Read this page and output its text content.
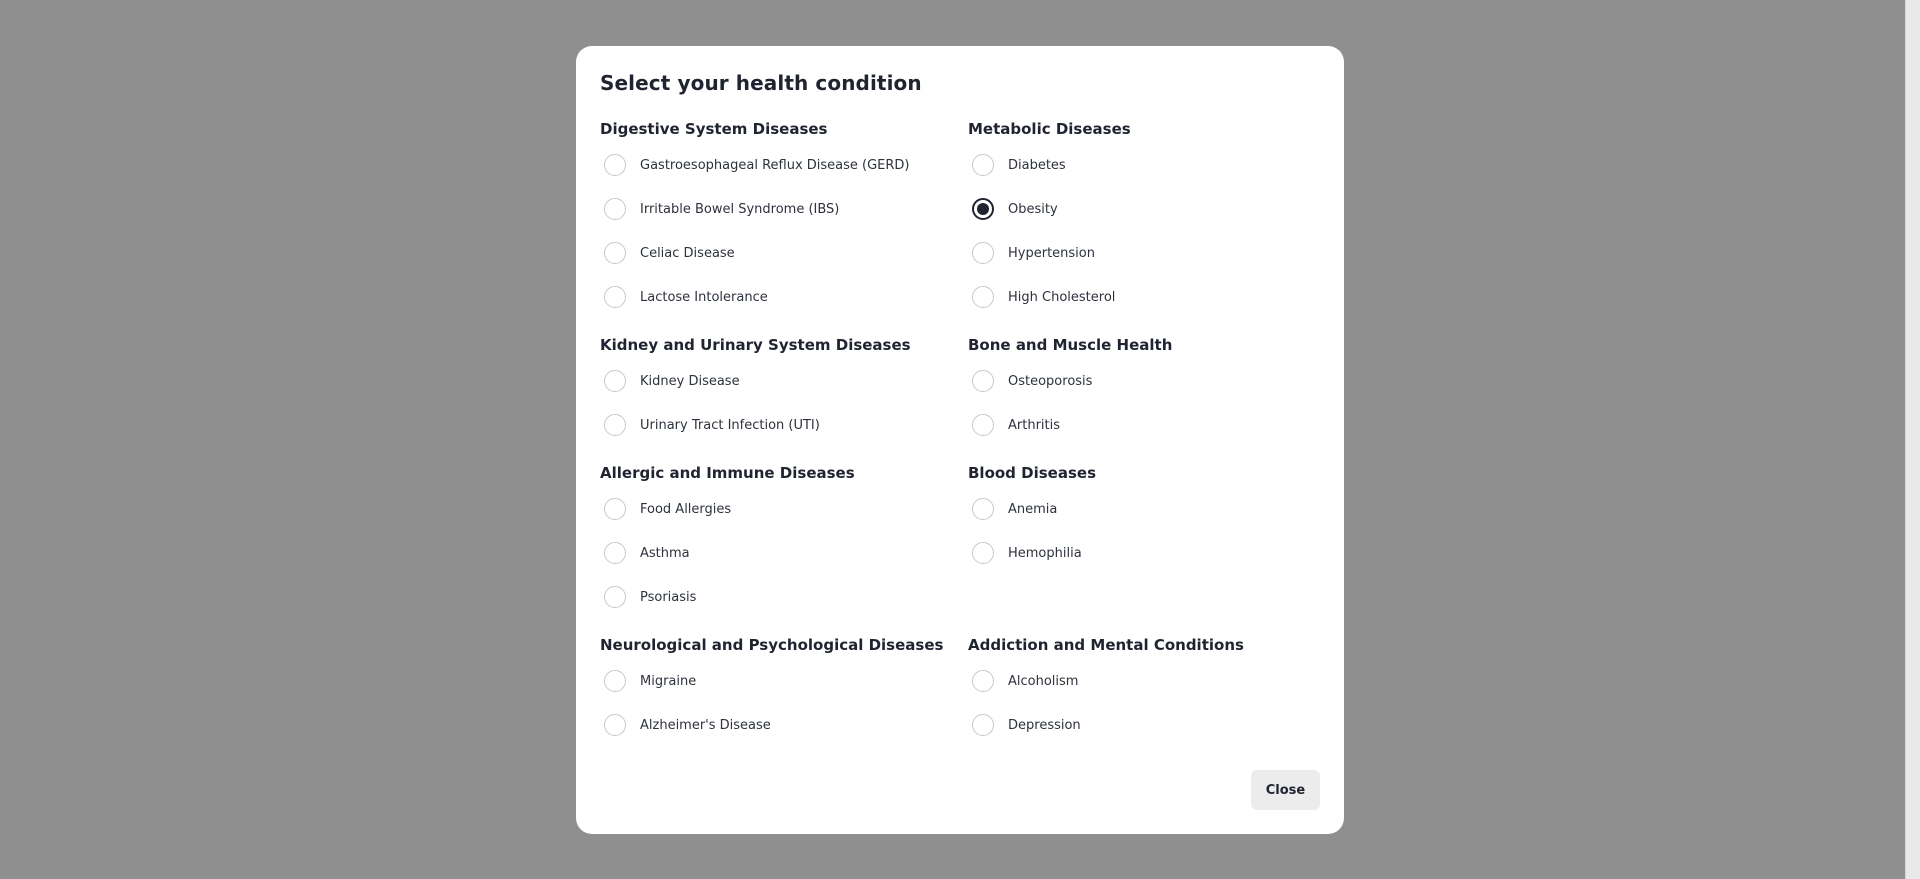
Select your health condition
Digestive System Diseases
Gastroesophageal Reflux Disease (GERD)
Irritable Bowel Syndrome (IBS)
Celiac Disease
Lactose Intolerance
Metabolic Diseases
Diabetes
Obesity
Hypertension
High Cholesterol
Kidney and Urinary System Diseases
Kidney Disease
Urinary Tract Infection (UTI)
Bone and Muscle Health
Osteoporosis
Arthritis
Allergic and Immune Diseases
Food Allergies
Asthma
Psoriasis
Blood Diseases
Anemia
Hemophilia
Neurological and Psychological Diseases
Migraine
Alzheimer's Disease
Addiction and Mental Conditions
Alcoholism
Depression
Close
